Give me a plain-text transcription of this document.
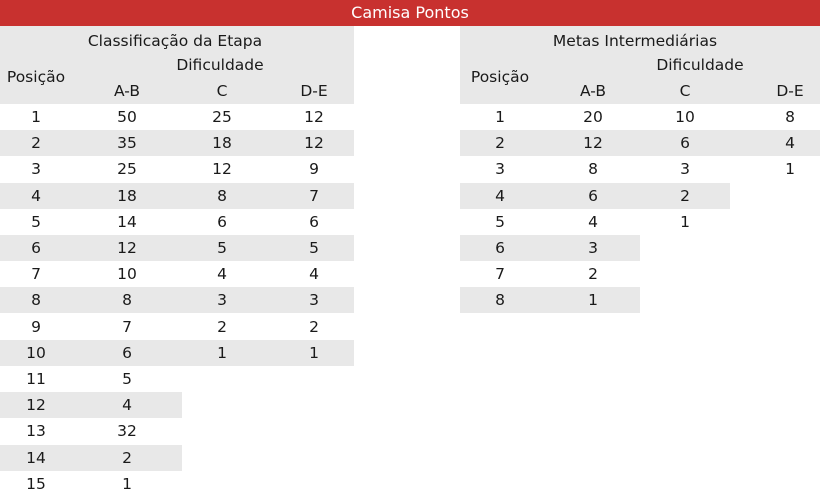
Camisa Pontos
Classificação da Etapa
Posição
Dificuldade
A-B	C	D-E
Metas Intermediárias
Posição
Dificuldade
A-B	C	D-E
1	50	25	12
2	35	18	12
3	25	12	9
4	18	8	7
5	14	6	6
6	12	5	5
7	10	4	4
8	8	3	3
9	7	2	2
10	6	1	1
11	5
12	4
13	32
14	2
15	1
1	20	10	8
2	12	6	4
3	8	3	1
4	6	2
5	4	1
6	3
7	2
8	1
